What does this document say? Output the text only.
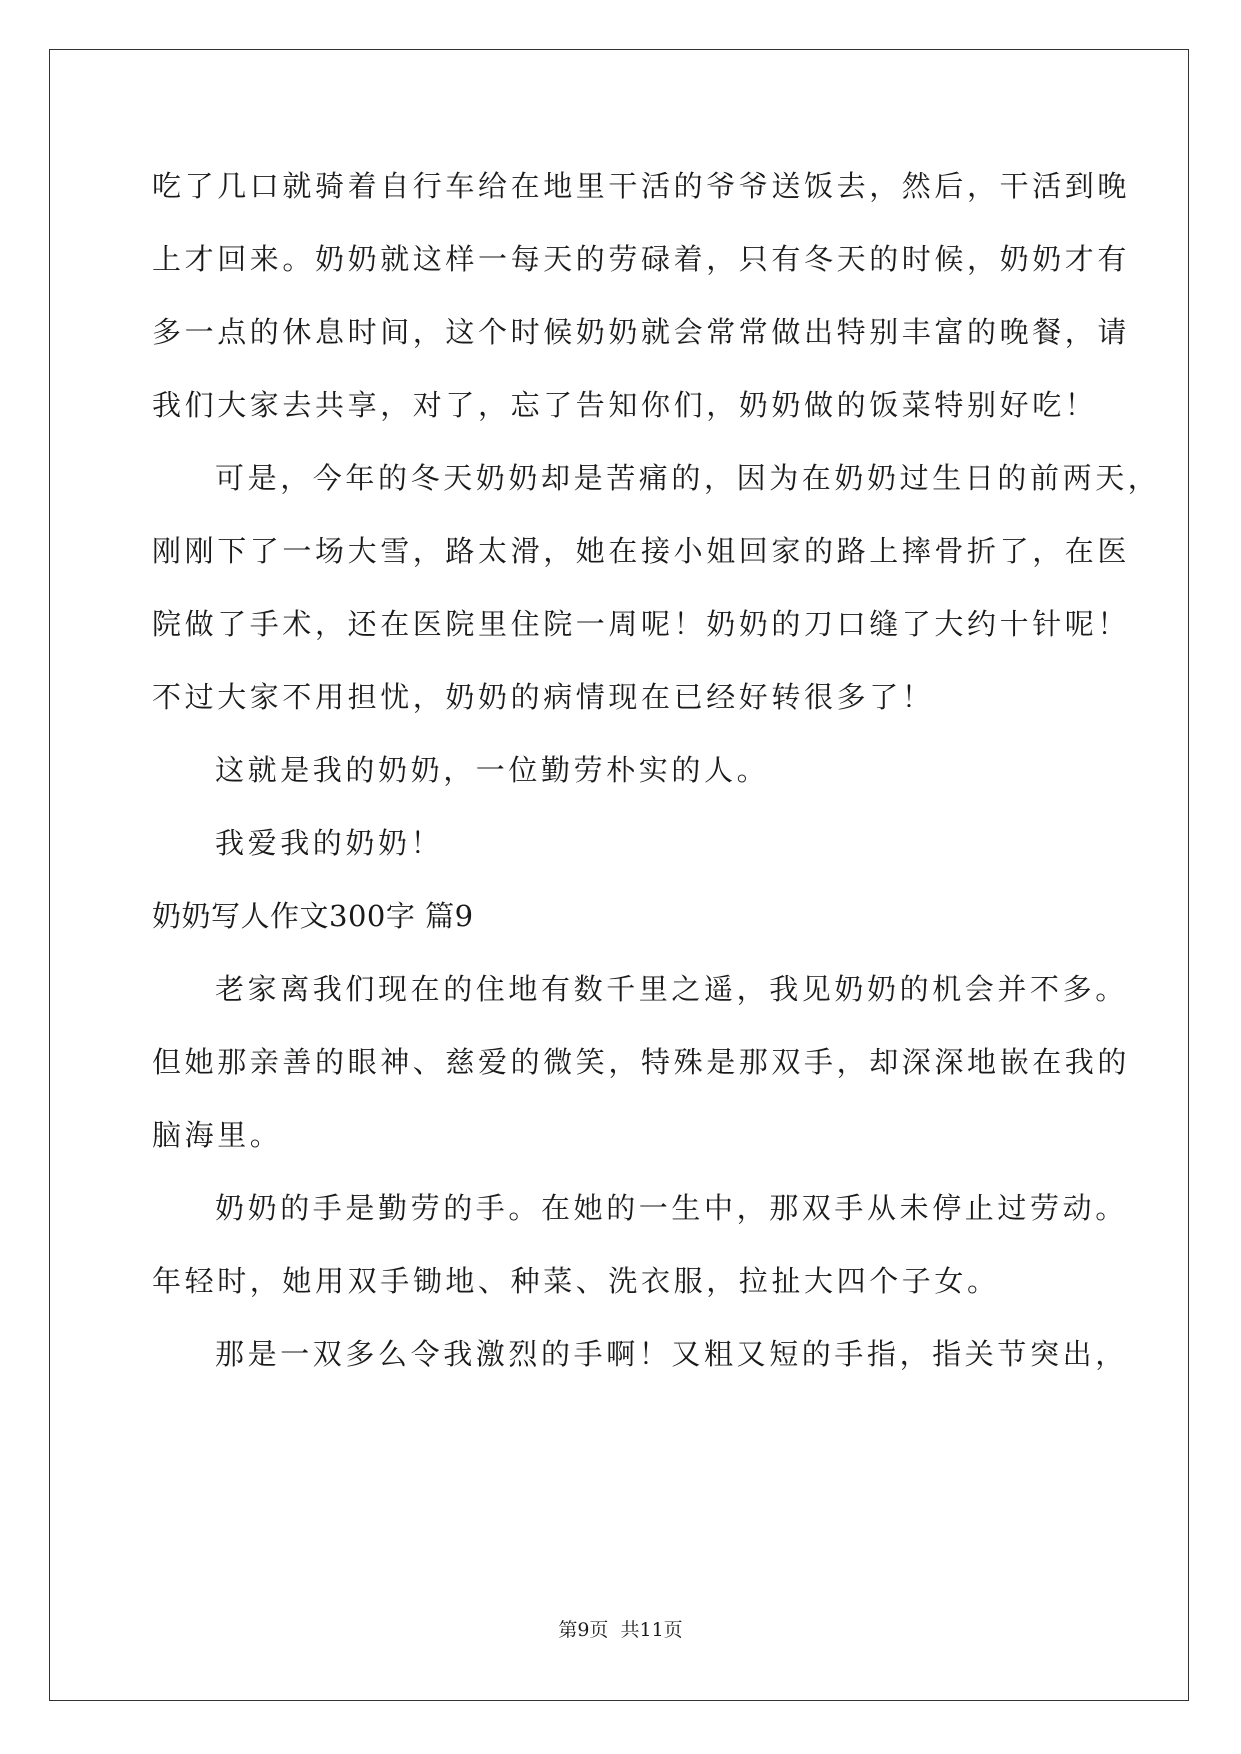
吃了几口就骑着自行车给在地里干活的爷爷送饭去，然后，干活到晚
上才回来。奶奶就这样一每天的劳碌着，只有冬天的时候，奶奶才有
多一点的休息时间，这个时候奶奶就会常常做出特别丰富的晚餐，请
我们大家去共享，对了，忘了告知你们，奶奶做的饭菜特别好吃！
可是，今年的冬天奶奶却是苦痛的，因为在奶奶过生日的前两天，
刚刚下了一场大雪，路太滑，她在接小姐回家的路上摔骨折了，在医
院做了手术，还在医院里住院一周呢！奶奶的刀口缝了大约十针呢！
不过大家不用担忧，奶奶的病情现在已经好转很多了！
这就是我的奶奶，一位勤劳朴实的人。
我爱我的奶奶！
奶奶写人作文300字 篇9
老家离我们现在的住地有数千里之遥，我见奶奶的机会并不多。
但她那亲善的眼神、慈爱的微笑，特殊是那双手，却深深地嵌在我的
脑海里。
奶奶的手是勤劳的手。在她的一生中，那双手从未停止过劳动。
年轻时，她用双手锄地、种菜、洗衣服，拉扯大四个子女。
那是一双多么令我激烈的手啊！又粗又短的手指，指关节突出，
第9页  共11页
